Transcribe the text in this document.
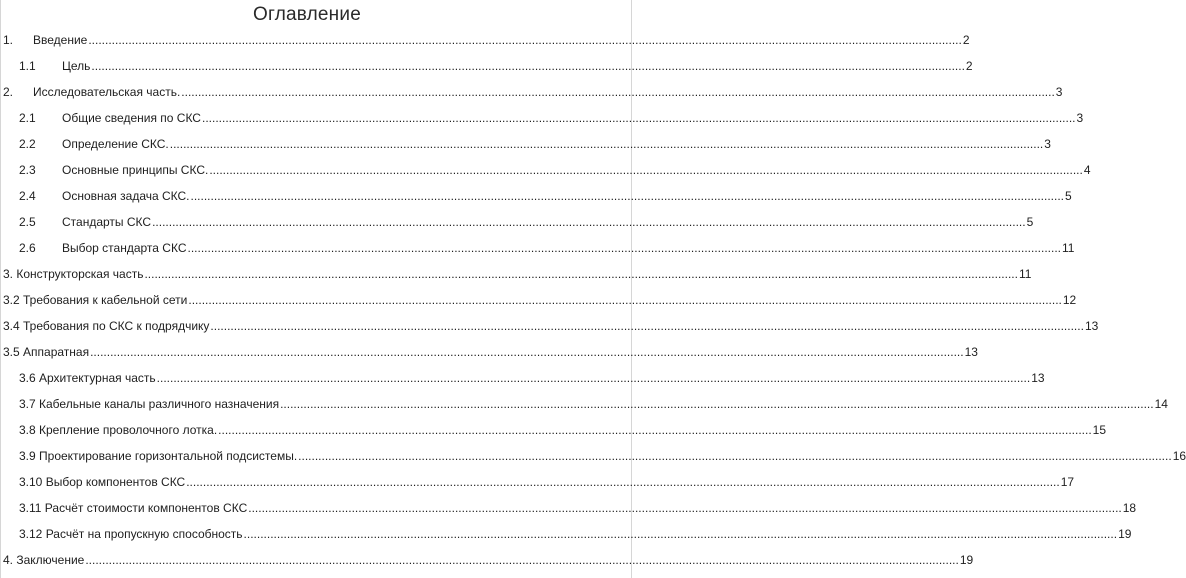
Оглавление
1.	Введение ...................................................................................................................................................................................................................................................................... 2
1.1	Цель ...................................................................................................................................................................................................................................................................... 2
2.	Исследовательская часть. ...................................................................................................................................................................................................................................................................... 3
2.1	Общие сведения по СКС ...................................................................................................................................................................................................................................................................... 3
2.2	Определение СКС. ...................................................................................................................................................................................................................................................................... 3
2.3	Основные принципы СКС. ...................................................................................................................................................................................................................................................................... 4
2.4	Основная задача СКС. ...................................................................................................................................................................................................................................................................... 5
2.5	Стандарты СКС ...................................................................................................................................................................................................................................................................... 5
2.6	Выбор стандарта СКС ...................................................................................................................................................................................................................................................................... 11
3. Конструкторская часть ...................................................................................................................................................................................................................................................................... 11
3.2 Требования к кабельной сети ...................................................................................................................................................................................................................................................................... 12
3.4 Требования по СКС к подрядчику ...................................................................................................................................................................................................................................................................... 13
3.5 Аппаратная ...................................................................................................................................................................................................................................................................... 13
3.6 Архитектурная часть ...................................................................................................................................................................................................................................................................... 13
3.7 Кабельные каналы различного назначения ...................................................................................................................................................................................................................................................................... 14
3.8 Крепление проволочного лотка. ...................................................................................................................................................................................................................................................................... 15
3.9 Проектирование горизонтальной подсистемы. ...................................................................................................................................................................................................................................................................... 16
3.10 Выбор компонентов СКС ...................................................................................................................................................................................................................................................................... 17
3.11 Расчёт стоимости компонентов СКС ...................................................................................................................................................................................................................................................................... 18
3.12 Расчёт на пропускную способность ...................................................................................................................................................................................................................................................................... 19
4. Заключение ...................................................................................................................................................................................................................................................................... 19
